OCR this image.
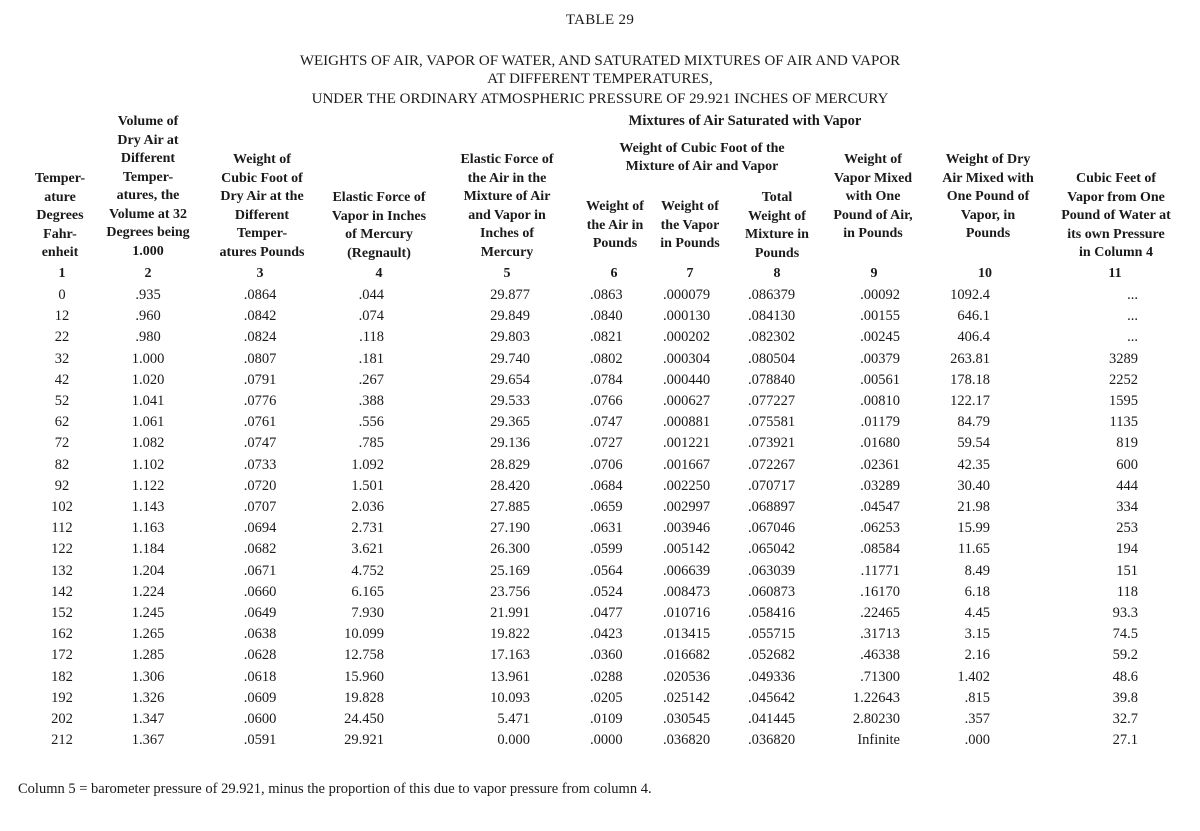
TABLE 29
WEIGHTS OF AIR, VAPOR OF WATER, AND SATURATED MIXTURES OF AIR AND VAPOR
AT DIFFERENT TEMPERATURES,
UNDER THE ORDINARY ATMOSPHERIC PRESSURE OF 29.921 INCHES OF MERCURY
Temper-
ature
Degrees
Fahr-
enheit
Volume of
Dry Air at
Different
Temper-
atures, the
Volume at 32
Degrees being
1.000
Weight of
Cubic Foot of
Dry Air at the
Different
Temper-
atures Pounds
Elastic Force of
Vapor in Inches
of Mercury
(Regnault)
Elastic Force of
the Air in the
Mixture of Air
and Vapor in
Inches of
Mercury
Mixtures of Air Saturated with Vapor
Weight of Cubic Foot of the
Mixture of Air and Vapor
Weight of
the Air in
Pounds
Weight of
the Vapor
in Pounds
Total
Weight of
Mixture in
Pounds
Weight of
Vapor Mixed
with One
Pound of Air,
in Pounds
Weight of Dry
Air Mixed with
One Pound of
Vapor, in
Pounds
Cubic Feet of
Vapor from One
Pound of Water at
its own Pressure
in Column 4
1	2	3	4	5	6	7	8	9	10	11
0	.935	.0864	.044	29.877	.0863	.000079	.086379	.00092	1092.4	...
12	.960	.0842	.074	29.849	.0840	.000130	.084130	.00155	646.1	...
22	.980	.0824	.118	29.803	.0821	.000202	.082302	.00245	406.4	...
32	1.000	.0807	.181	29.740	.0802	.000304	.080504	.00379	263.81	3289
42	1.020	.0791	.267	29.654	.0784	.000440	.078840	.00561	178.18	2252
52	1.041	.0776	.388	29.533	.0766	.000627	.077227	.00810	122.17	1595
62	1.061	.0761	.556	29.365	.0747	.000881	.075581	.01179	84.79	1135
72	1.082	.0747	.785	29.136	.0727	.001221	.073921	.01680	59.54	819
82	1.102	.0733	1.092	28.829	.0706	.001667	.072267	.02361	42.35	600
92	1.122	.0720	1.501	28.420	.0684	.002250	.070717	.03289	30.40	444
102	1.143	.0707	2.036	27.885	.0659	.002997	.068897	.04547	21.98	334
112	1.163	.0694	2.731	27.190	.0631	.003946	.067046	.06253	15.99	253
122	1.184	.0682	3.621	26.300	.0599	.005142	.065042	.08584	11.65	194
132	1.204	.0671	4.752	25.169	.0564	.006639	.063039	.11771	8.49	151
142	1.224	.0660	6.165	23.756	.0524	.008473	.060873	.16170	6.18	118
152	1.245	.0649	7.930	21.991	.0477	.010716	.058416	.22465	4.45	93.3
162	1.265	.0638	10.099	19.822	.0423	.013415	.055715	.31713	3.15	74.5
172	1.285	.0628	12.758	17.163	.0360	.016682	.052682	.46338	2.16	59.2
182	1.306	.0618	15.960	13.961	.0288	.020536	.049336	.71300	1.402	48.6
192	1.326	.0609	19.828	10.093	.0205	.025142	.045642	1.22643	.815	39.8
202	1.347	.0600	24.450	5.471	.0109	.030545	.041445	2.80230	.357	32.7
212	1.367	.0591	29.921	0.000	.0000	.036820	.036820	Infinite	.000	27.1
Column 5 = barometer pressure of 29.921, minus the proportion of this due to vapor pressure from column 4.
